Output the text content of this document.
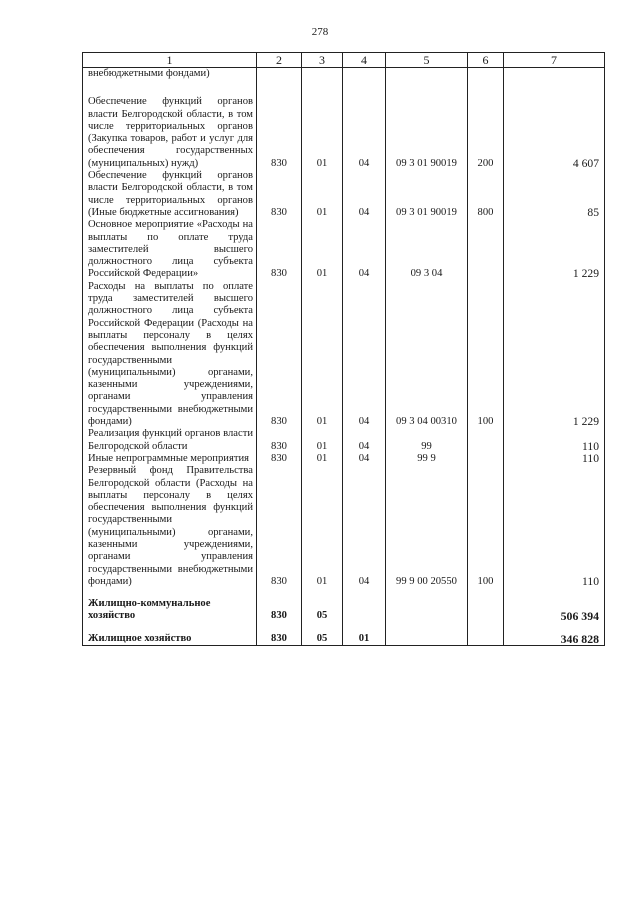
278
1	2	3	4	5	6	7
внебюджетными фондами)						

Обеспечение функций органов власти Белгородской области, в том числе территориальных органов (Закупка товаров, работ и услуг для обеспечения государственных (муниципальных) нужд)	830	01	04	09 3 01 90019	200	4 607
Обеспечение функций органов власти Белгородской области, в том числе территориальных органов (Иные бюджетные ассигнования)	830	01	04	09 3 01 90019	800	85
Основное мероприятие «Расходы на выплаты по оплате труда заместителей высшего должностного лица субъекта Российской Федерации»	830	01	04	09 3 04		1 229
Расходы на выплаты по оплате труда заместителей высшего должностного лица субъекта Российской Федерации (Расходы на выплаты персоналу в целях обеспечения выполнения функций государственными (муниципальными) органами, казенными учреждениями, органами управления государственными внебюджетными фондами)	830	01	04	09 3 04 00310	100	1 229
Реализация функций органов власти Белгородской области	830	01	04	99		110
Иные непрограммные мероприятия	830	01	04	99 9		110
Резервный фонд Правительства Белгородской области (Расходы на выплаты персоналу в целях обеспечения выполнения функций государственными (муниципальными) органами, казенными учреждениями, органами управления государственными внебюджетными фондами)	830	01	04	99 9 00 20550	100	110

Жилищно-коммунальное хозяйство	830	05				506 394

Жилищное хозяйство	830	05	01			346 828
